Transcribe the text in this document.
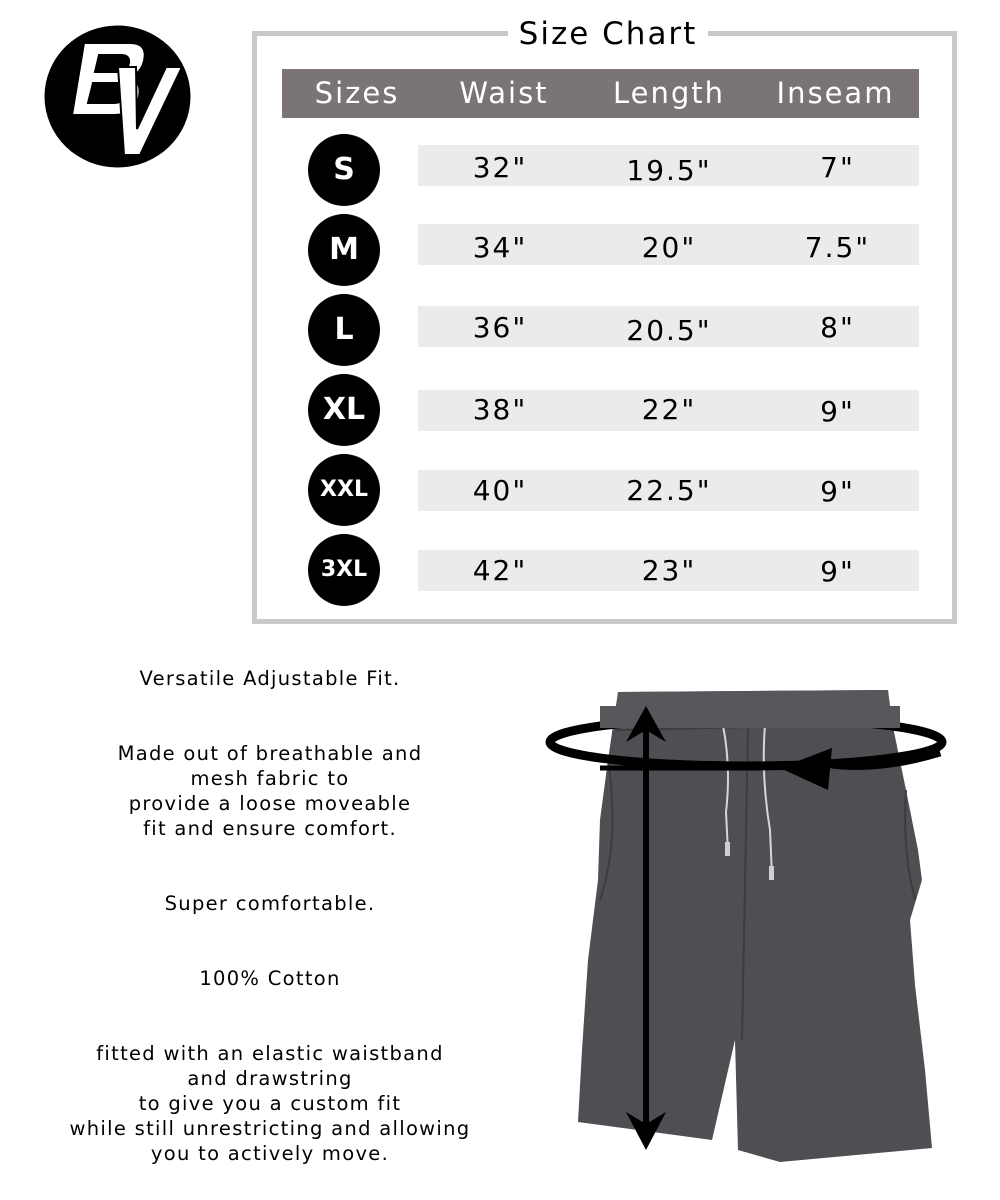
Size Chart
Sizes	Waist	Length	Inseam
S	32"	19.5"	7"
M	34"	20"	7.5"
L	36"	20.5"	8"
XL	38"	22"	9"
XXL	40"	22.5"	9"
3XL	42"	23"	9"

Versatile Adjustable Fit.

Made out of breathable and
mesh fabric to
provide a loose moveable
fit and ensure comfort.

Super comfortable.

100% Cotton

fitted with an elastic waistband
and drawstring
to give you a custom fit
while still unrestricting and allowing
you to actively move.
